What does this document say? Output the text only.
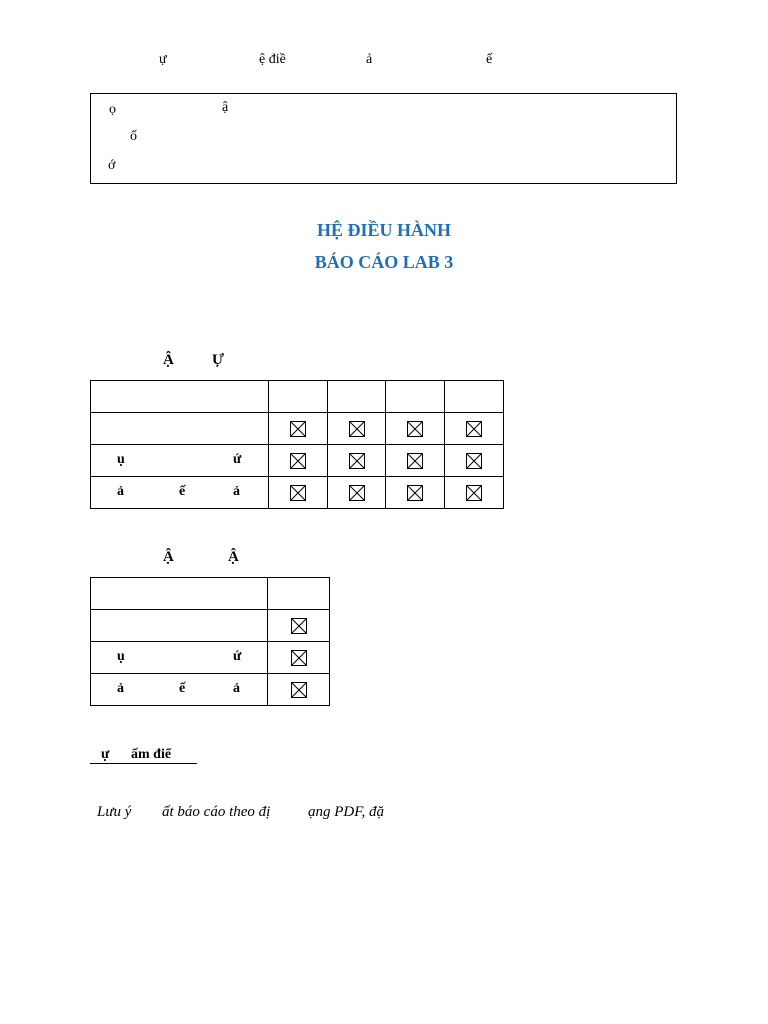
ự	ệ điề	ả	ế
ọ	ậ
ố
ớ
HỆ ĐIỀU HÀNH
BÁO CÁO LAB 3
Ậ	Ự

ụ ứ

ả ế ả

Ậ	Ậ

ụ ứ

ả ế ả

ự ấm điể
Lưu ý ất báo cáo theo đị	ạng PDF, đặ
